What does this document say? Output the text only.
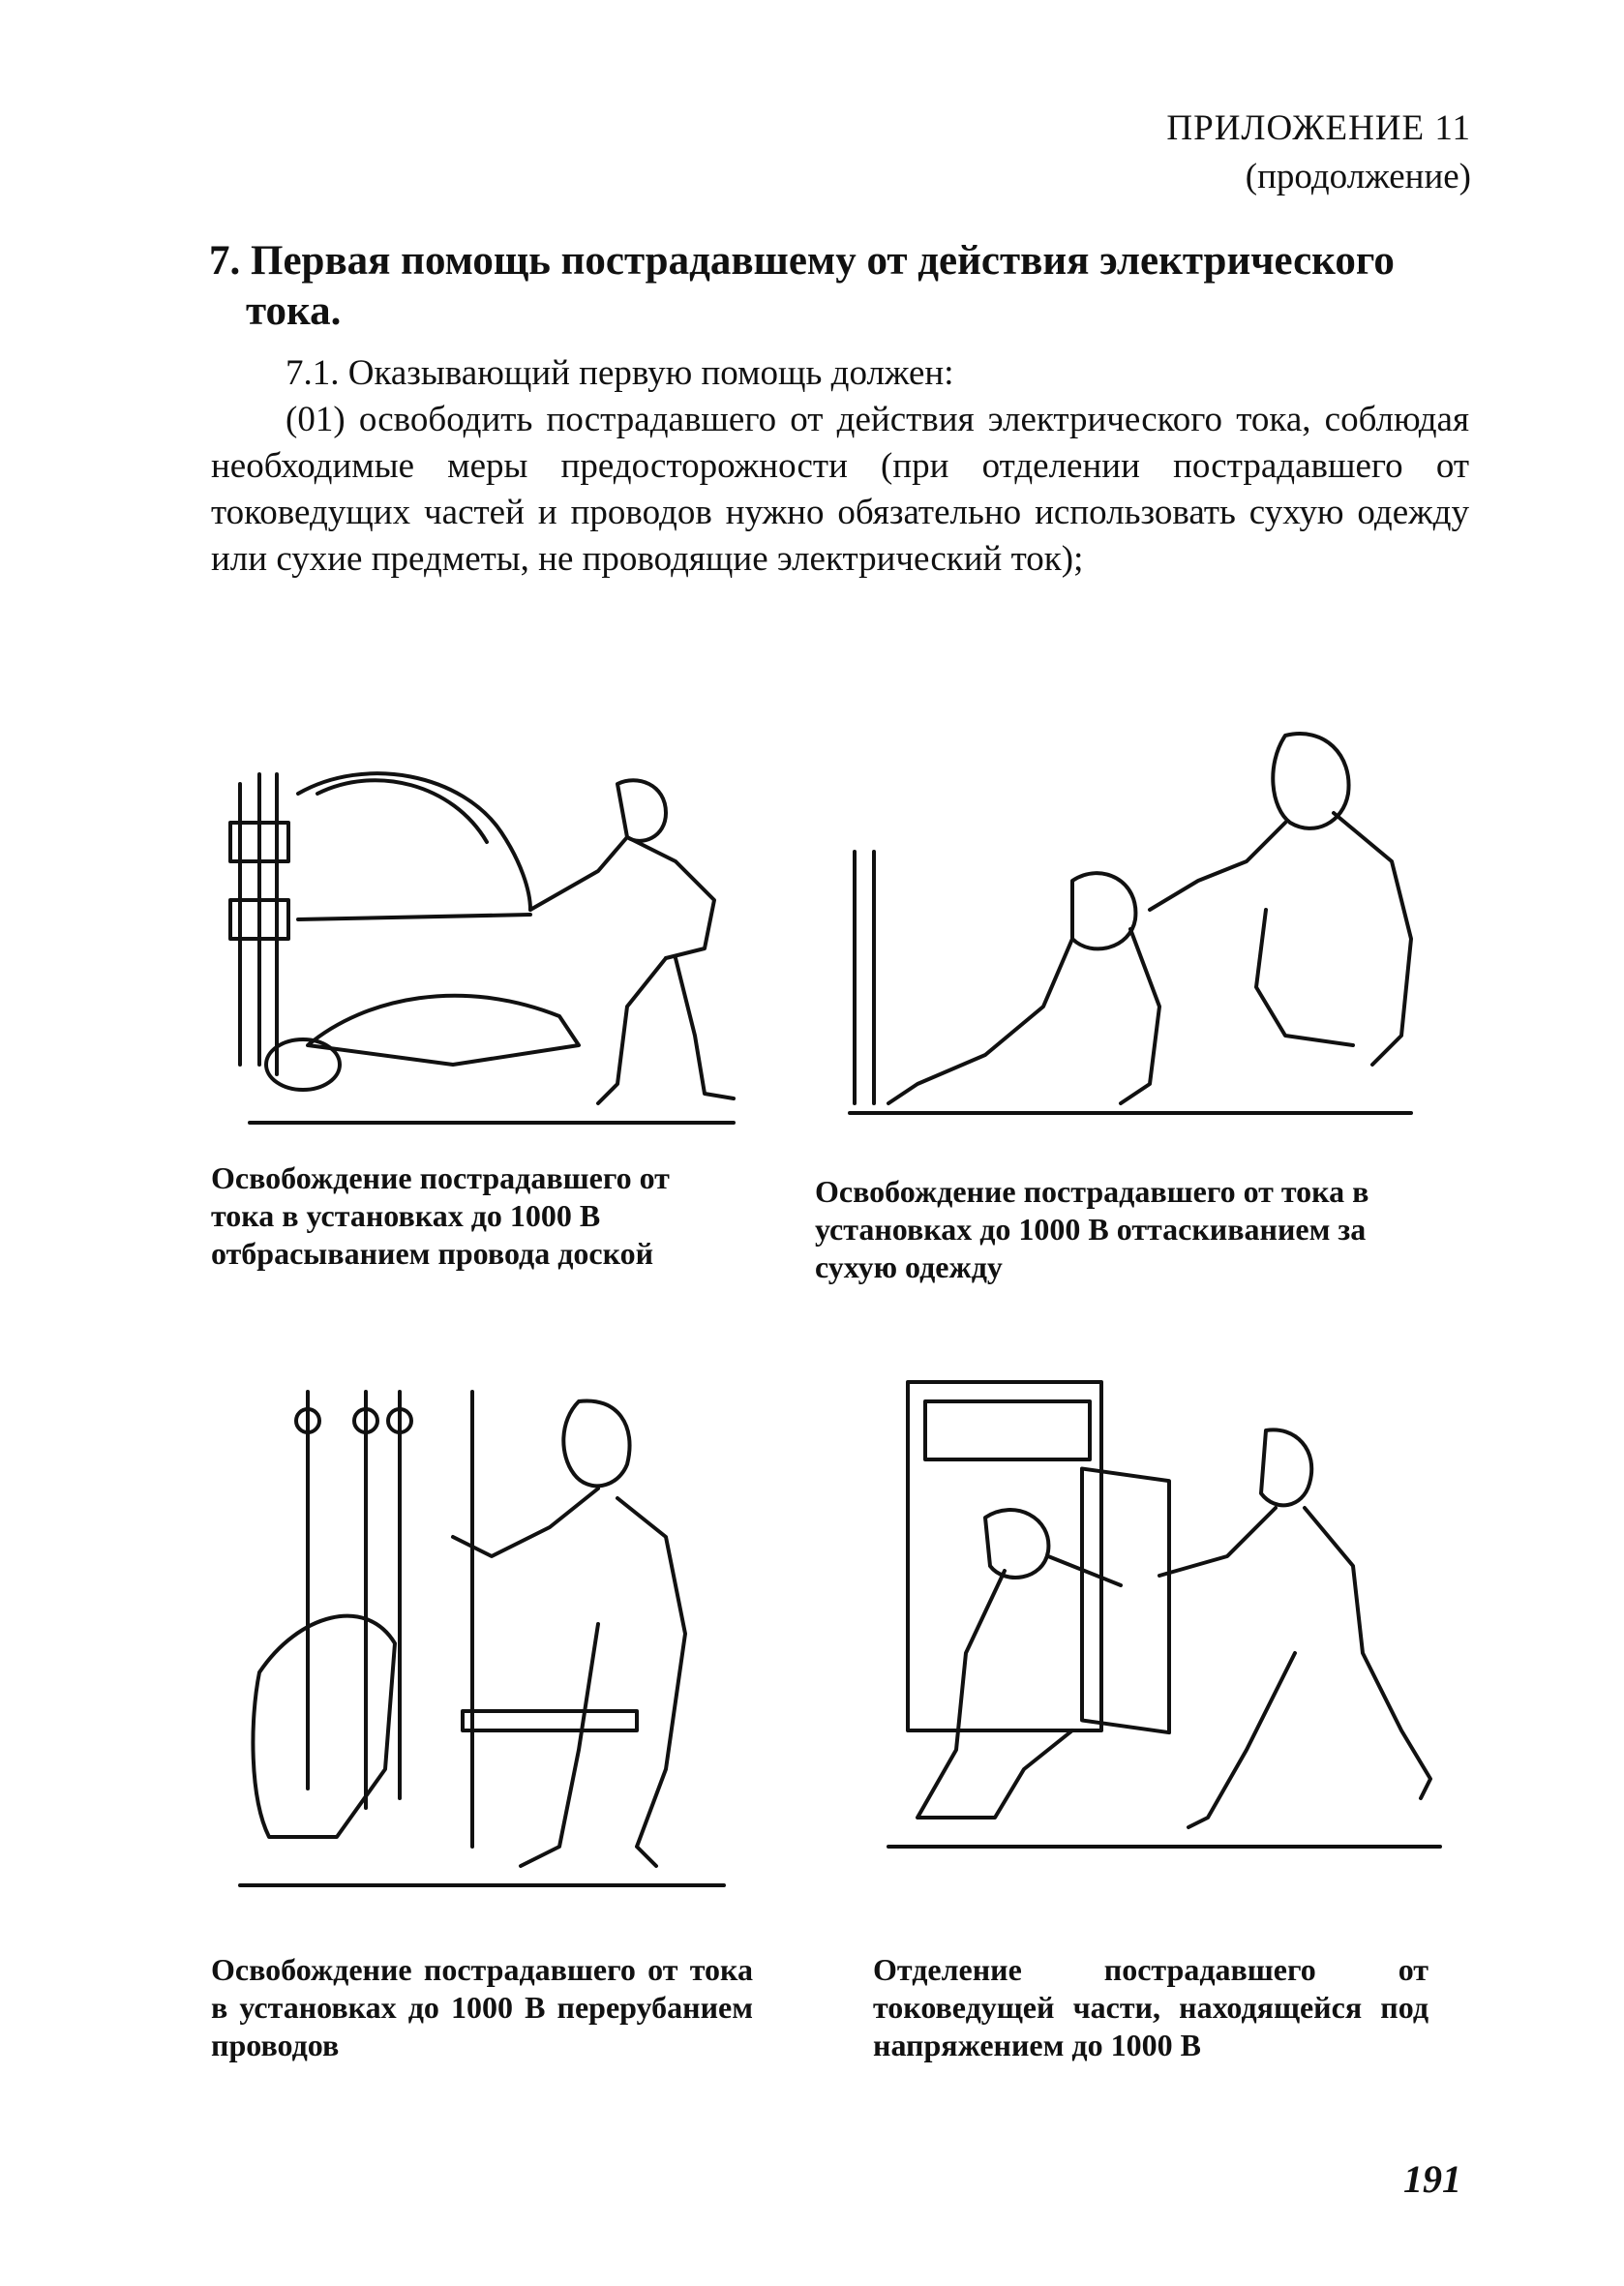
ПРИЛОЖЕНИЕ 11
(продолжение)
7. Первая помощь пострадавшему от действия электрического
тока.

7.1. Оказывающий первую помощь должен:

(01) освободить пострадавшего от действия электрического тока, соблюдая необходимые меры предосторожности (при отделении пострадавшего от токоведущих частей и проводов нужно обязательно использовать сухую одежду или сухие предметы, не проводящие электрический ток);

Освобождение пострадавшего от тока в установках до 1000 В отбрасыванием провода доской
Освобождение пострадавшего от тока в установках до 1000 В оттаскиванием за сухую одежду
Освобождение пострадавшего от тока в установках до 1000 В перерубанием проводов
Отделение пострадавшего от токоведущей части, находящейся под напряжением до 1000 В
191
